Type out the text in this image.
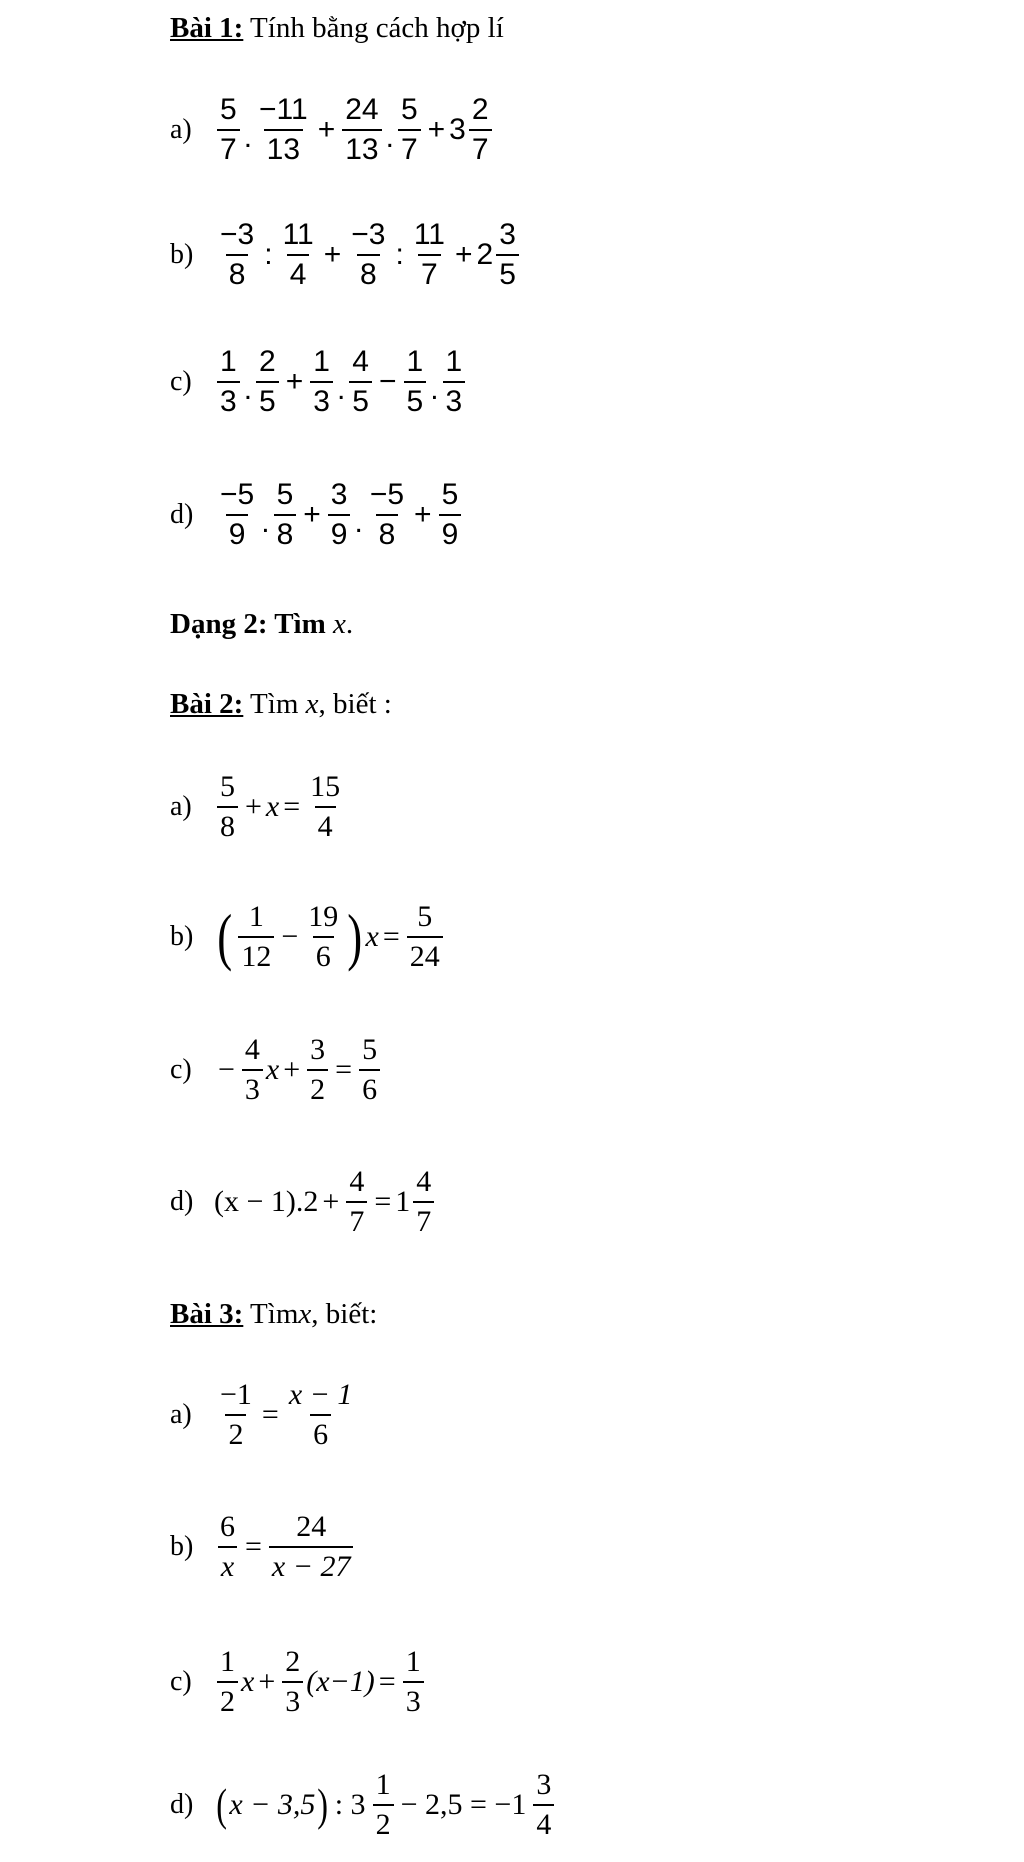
Bài 1: Tính bằng cách hợp lí
$a) \frac{5}{7}$ . $\frac{-11}{13} + \frac{24}{13}$ . $\frac{5}{7} + 3 \frac{2}{7}$
$b) \frac{-3}{8}$ : $\frac{11}{4} + \frac{-3}{8}$ : $\frac{11}{7} + 2 \frac{3}{5}$
$c) \frac{1}{3}$ . $\frac{2}{5} + \frac{1}{3}$ . $\frac{4}{5} - \frac{1}{5}$ . $\frac{1}{3}$
$d) \frac{-5}{9}$ . $\frac{5}{8} + \frac{3}{9}$ . $\frac{-5}{8} + \frac{5}{9}$
Dạng 2: Tìm x.
Bài 2: Tìm x, biết :
$a) \frac{5}{8} + x = \frac{15}{4}$
b) ( $\frac{1}{12} - \frac{19}{6}$ ) $x = \frac{5}{24}$
$c) - \frac{4}{3}$ $x + \frac{3}{2} = \frac{5}{6}$
d) $(x - 1).2 + \frac{4}{7} = 1 \frac{4}{7}$
Bài 3: Tìmx, biết:
$a) \frac{-1}{2} = \frac{x - 1}{6}$
$b) \frac{6}{x} = \frac{24}{x - 27}$
$c) \frac{1}{2}$ $x + \frac{2}{3} (x-1) = \frac{1}{3}$
d) ( x − 3,5 ) : $3 \frac{1}{2} - 2,5 = -1 \frac{3}{4}$
